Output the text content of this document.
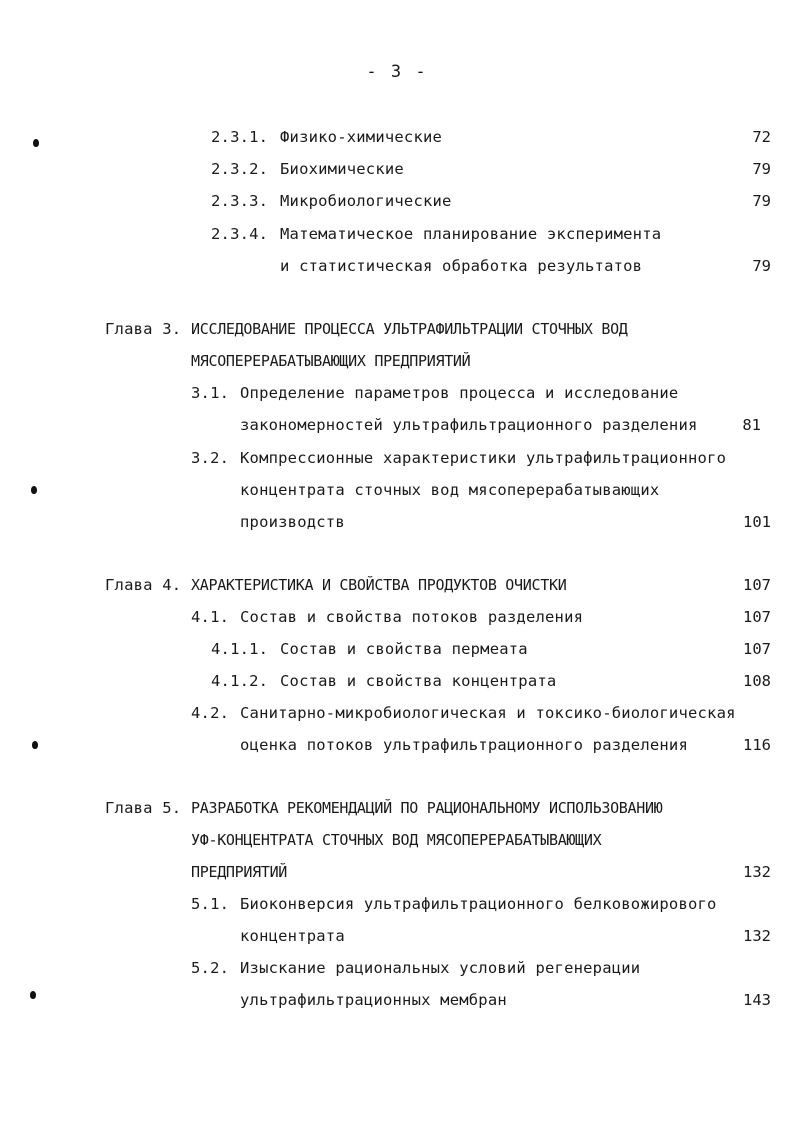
- 3 -
2.3.1. Физико-химические	72
2.3.2. Биохимические	79
2.3.3. Микробиологические	79
2.3.4. Математическое планирование эксперимента
и статистическая обработка результатов	79
Глава 3. ИССЛЕДОВАНИЕ ПРОЦЕССА УЛЬТРАФИЛЬТРАЦИИ СТОЧНЫХ ВОД
МЯСОПЕРЕРАБАТЫВАЮЩИХ ПРЕДПРИЯТИЙ
3.1. Определение параметров процесса и исследование
закономерностей ультрафильтрационного разделения	81
3.2. Компрессионные характеристики ультрафильтрационного
концентрата сточных вод мясоперерабатывающих
производств	101
Глава 4. ХАРАКТЕРИСТИКА И СВОЙСТВА ПРОДУКТОВ ОЧИСТКИ	107
4.1. Состав и свойства потоков разделения	107
4.1.1. Состав и свойства пермеата	107
4.1.2. Состав и свойства концентрата	108
4.2. Санитарно-микробиологическая и токсико-биологическая
оценка потоков ультрафильтрационного разделения	116
Глава 5. РАЗРАБОТКА РЕКОМЕНДАЦИЙ ПО РАЦИОНАЛЬНОМУ ИСПОЛЬЗОВАНИЮ
УФ-КОНЦЕНТРАТА СТОЧНЫХ ВОД МЯСОПЕРЕРАБАТЫВАЮЩИХ
ПРЕДПРИЯТИЙ	132
5.1. Биоконверсия ультрафильтрационного белковожирового
концентрата	132
5.2. Изыскание рациональных условий регенерации
ультрафильтрационных мембран	143
